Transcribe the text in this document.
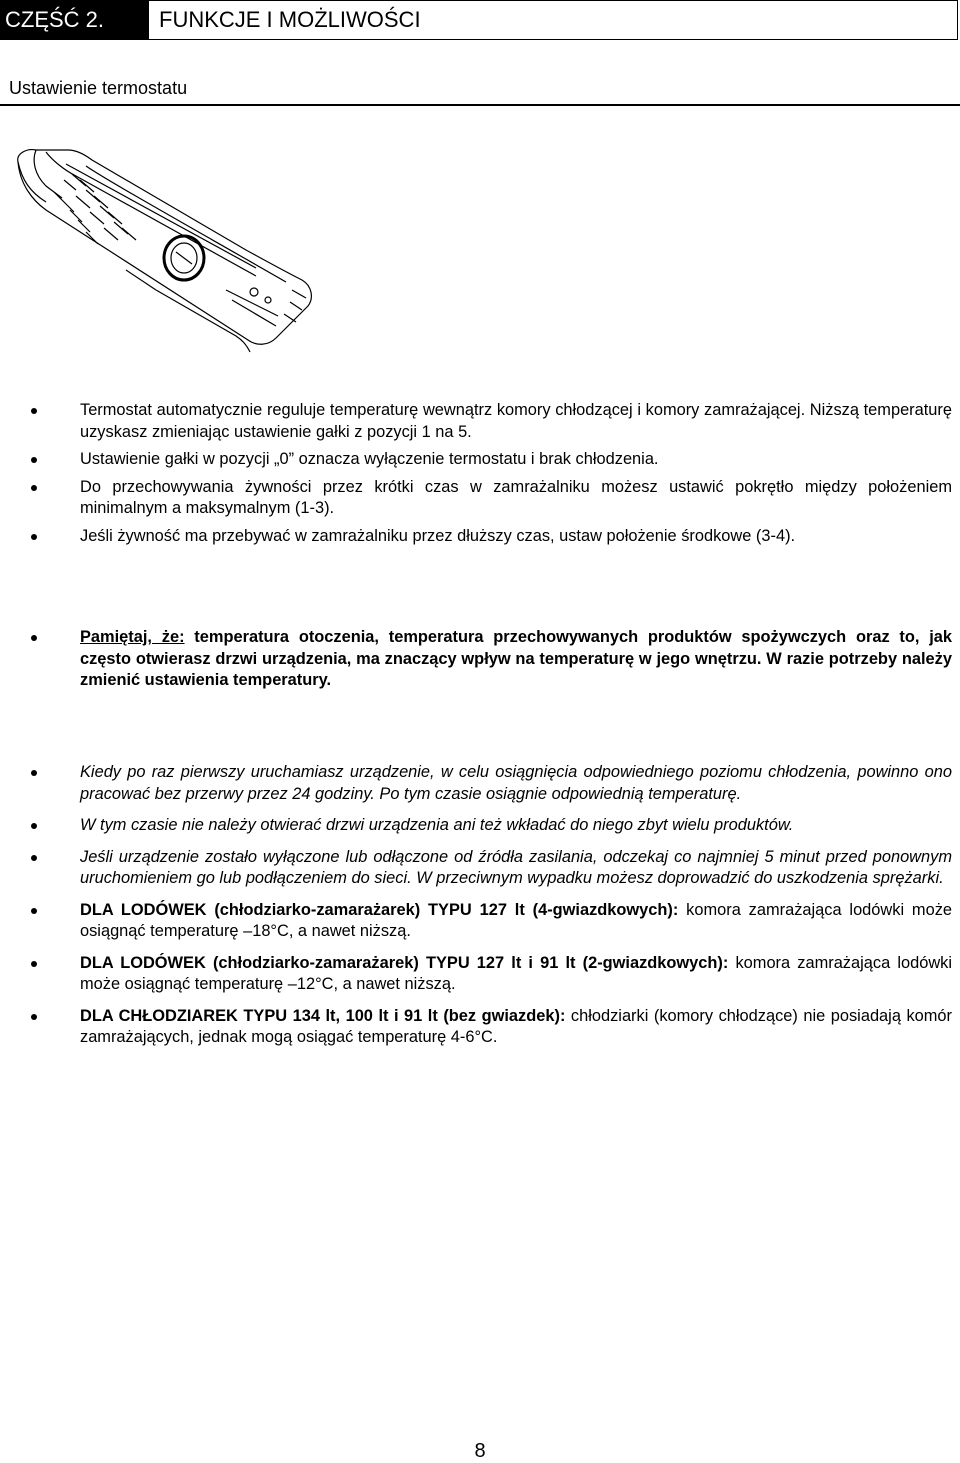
CZĘŚĆ 2.	FUNKCJE I MOŻLIWOŚCI
Ustawienie termostatu
Termostat automatycznie reguluje temperaturę wewnątrz komory chłodzącej i komory zamrażającej. Niższą temperaturę uzyskasz zmieniając ustawienie gałki z pozycji 1 na 5.
Ustawienie gałki w pozycji „0” oznacza wyłączenie termostatu i brak chłodzenia.
Do przechowywania żywności przez krótki czas w zamrażalniku możesz ustawić pokrętło między położeniem minimalnym a maksymalnym (1-3).
Jeśli żywność ma przebywać w zamrażalniku przez dłuższy czas, ustaw położenie środkowe (3-4).
Pamiętaj, że: temperatura otoczenia, temperatura przechowywanych produktów spożywczych oraz to, jak często otwierasz drzwi urządzenia, ma znaczący wpływ na temperaturę w jego wnętrzu. W razie potrzeby należy zmienić ustawienia temperatury.
Kiedy po raz pierwszy uruchamiasz urządzenie, w celu osiągnięcia odpowiedniego poziomu chłodzenia, powinno ono pracować bez przerwy przez 24 godziny. Po tym czasie osiągnie odpowiednią temperaturę.
W tym czasie nie należy otwierać drzwi urządzenia ani też wkładać do niego zbyt wielu produktów.
Jeśli urządzenie zostało wyłączone lub odłączone od źródła zasilania, odczekaj co najmniej 5 minut przed ponownym uruchomieniem go lub podłączeniem do sieci. W przeciwnym wypadku możesz doprowadzić do uszkodzenia sprężarki.
DLA LODÓWEK (chłodziarko-zamarażarek) TYPU 127 lt (4-gwiazdkowych): komora zamrażająca lodówki może osiągnąć temperaturę –18°C, a nawet niższą.
DLA LODÓWEK (chłodziarko-zamarażarek) TYPU 127 lt i 91 lt (2-gwiazdkowych): komora zamrażająca lodówki może osiągnąć temperaturę –12°C, a nawet niższą.
DLA CHŁODZIAREK TYPU 134 lt, 100 lt i 91 lt (bez gwiazdek): chłodziarki (komory chłodzące) nie posiadają komór zamrażających, jednak mogą osiągać temperaturę 4-6°C.
8
